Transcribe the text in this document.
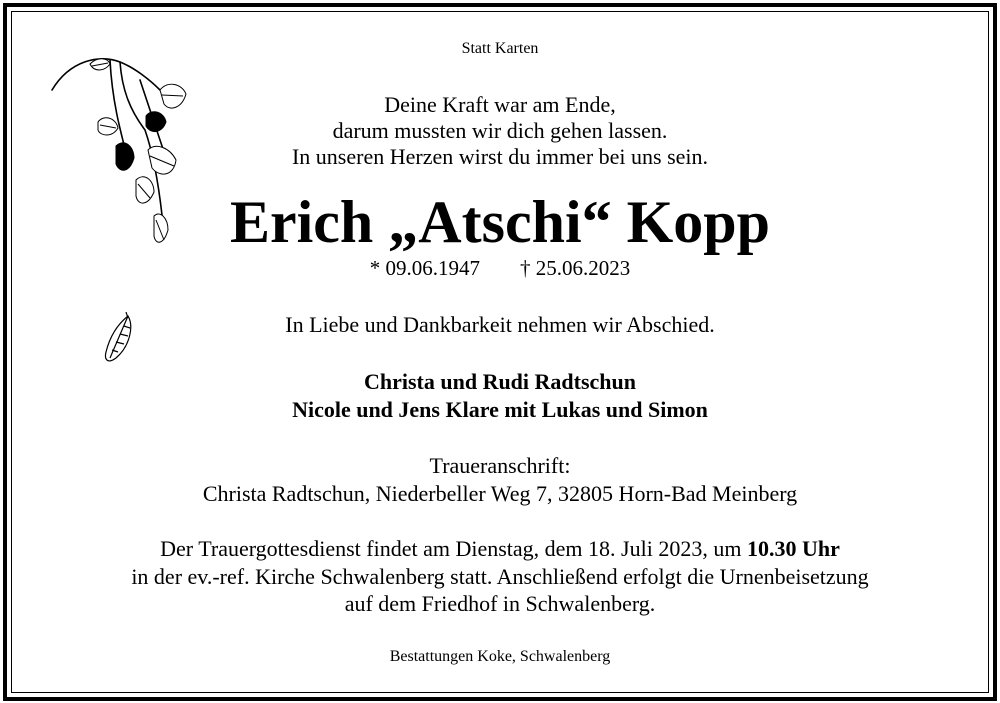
Statt Karten
Deine Kraft war am Ende,
darum mussten wir dich gehen lassen.
In unseren Herzen wirst du immer bei uns sein.
Erich „Atschi“ Kopp
* 09.06.1947 † 25.06.2023
In Liebe und Dankbarkeit nehmen wir Abschied.
Christa und Rudi Radtschun
Nicole und Jens Klare mit Lukas und Simon
Traueranschrift:
Christa Radtschun, Niederbeller Weg 7, 32805 Horn-Bad Meinberg
Der Trauergottesdienst findet am Dienstag, dem 18. Juli 2023, um 10.30 Uhr
in der ev.-ref. Kirche Schwalenberg statt. Anschließend erfolgt die Urnenbeisetzung
auf dem Friedhof in Schwalenberg.
Bestattungen Koke, Schwalenberg
